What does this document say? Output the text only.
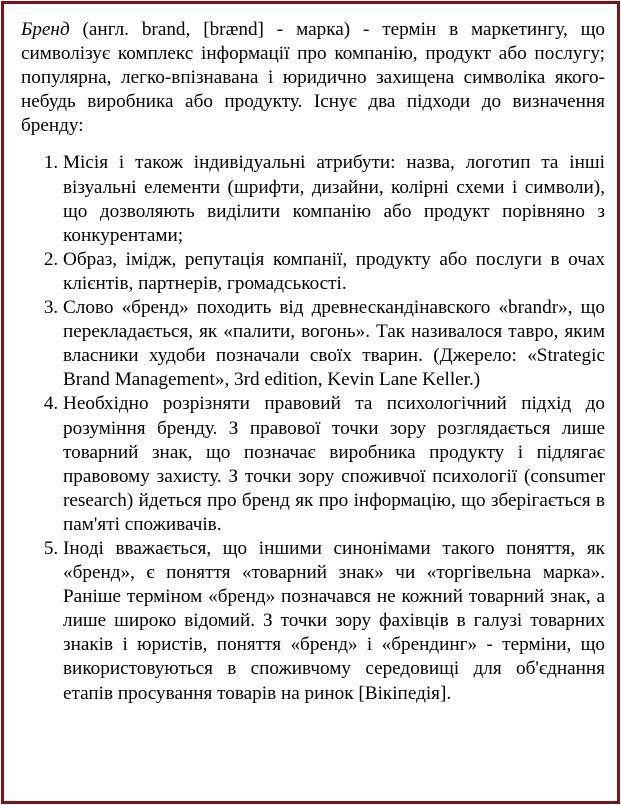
Бренд (англ. brand, [brænd] - марка) - термін в маркетингу, що символізує комплекс інформації про компанію, продукт або послугу; популярна, легко-впізнавана і юридично захищена символіка якого-небудь виробника або продукту. Існує два підходи до визначення бренду:

1. Місія і також індивідуальні атрибути: назва, логотип та інші візуальні елементи (шрифти, дизайни, колірні схеми і символи), що дозволяють виділити компанію або продукт порівняно з конкурентами;
2. Образ, імідж, репутація компанії, продукту або послуги в очах клієнтів, партнерів, громадськості.
3. Слово «бренд» походить від древнескандінавского «brandr», що перекладається, як «палити, вогонь». Так називалося тавро, яким власники худоби позначали своїх тварин. (Джерело: «Strategic Brand Management», 3rd edition, Kevin Lane Keller.)
4. Необхідно розрізняти правовий та психологічний підхід до розуміння бренду. З правової точки зору розглядається лише товарний знак, що позначає виробника продукту і підлягає правовому захисту. З точки зору споживчої психології (consumer research) йдеться про бренд як про інформацію, що зберігається в пам'яті споживачів.
5. Іноді вважається, що іншими синонімами такого поняття, як «бренд», є поняття «товарний знак» чи «торгівельна марка». Раніше терміном «бренд» позначався не кожний товарний знак, а лише широко відомий. З точки зору фахівців в галузі товарних знаків і юристів, поняття «бренд» і «брендинг» - терміни, що використовуються в споживчому середовищі для об'єднання етапів просування товарів на ринок [Вікіпедія].
